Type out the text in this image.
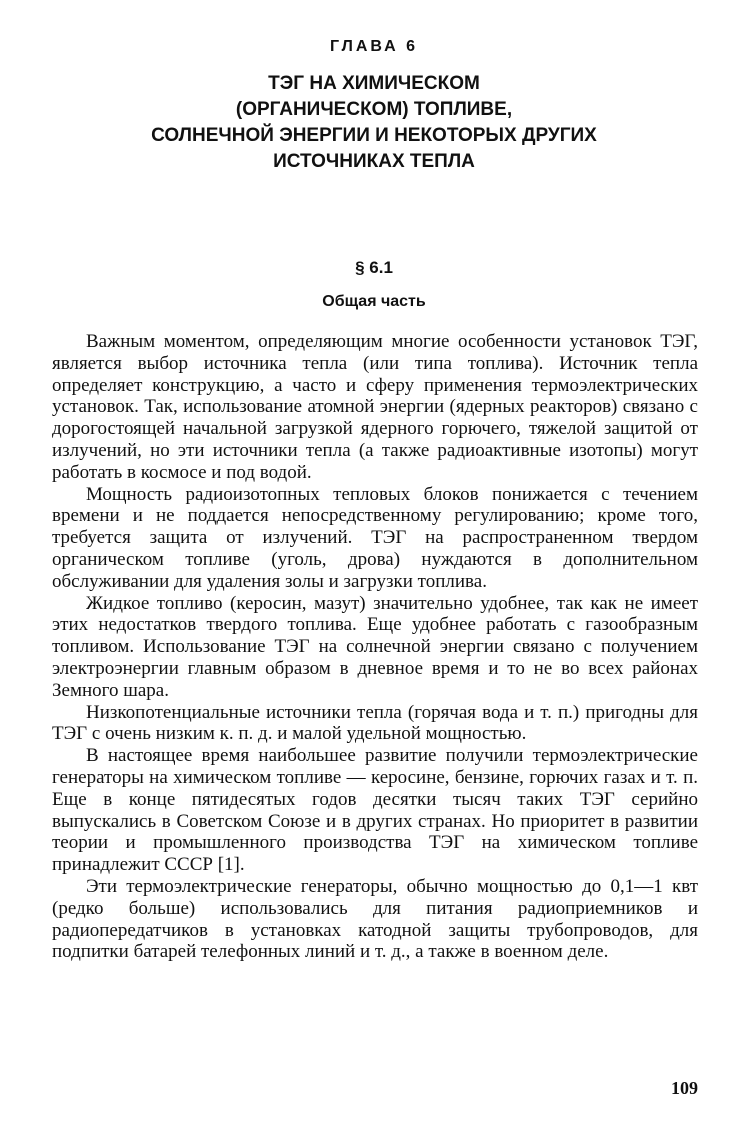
ГЛАВА 6
ТЭГ НА ХИМИЧЕСКОМ
(ОРГАНИЧЕСКОМ) ТОПЛИВЕ,
СОЛНЕЧНОЙ ЭНЕРГИИ И НЕКОТОРЫХ ДРУГИХ
ИСТОЧНИКАХ ТЕПЛА
§ 6.1
Общая часть

Важным моментом, определяющим многие особенности установок ТЭГ, является выбор источника тепла (или типа топлива). Источник тепла определяет конструкцию, а часто и сферу применения термоэлектрических установок. Так, использование атомной энергии (ядерных реакторов) связано с дорогостоящей начальной загрузкой ядерного горючего, тяжелой защитой от излучений, но эти источники тепла (а также радиоактивные изотопы) могут работать в космосе и под водой.

Мощность радиоизотопных тепловых блоков понижается с течением времени и не поддается непосредственному регулированию; кроме того, требуется защита от излучений. ТЭГ на распространенном твердом органическом топливе (уголь, дрова) нуждаются в дополнительном обслуживании для удаления золы и загрузки топлива.

Жидкое топливо (керосин, мазут) значительно удобнее, так как не имеет этих недостатков твердого топлива. Еще удобнее работать с газообразным топливом. Использование ТЭГ на солнечной энергии связано с получением электроэнергии главным образом в дневное время и то не во всех районах Земного шара.

Низкопотенциальные источники тепла (горячая вода и т. п.) пригодны для ТЭГ с очень низким к. п. д. и малой удельной мощностью.

В настоящее время наибольшее развитие получили термоэлектрические генераторы на химическом топливе — керосине, бензине, горючих газах и т. п. Еще в конце пятидесятых годов десятки тысяч таких ТЭГ серийно выпускались в Советском Союзе и в других странах. Но приоритет в развитии теории и промышленного производства ТЭГ на химическом топливе принадлежит СССР [1].

Эти термоэлектрические генераторы, обычно мощностью до 0,1—1 квт (редко больше) использовались для питания радиоприемников и радиопередатчиков в установках катодной защиты трубопроводов, для подпитки батарей телефонных линий и т. д., а также в военном деле.

109
